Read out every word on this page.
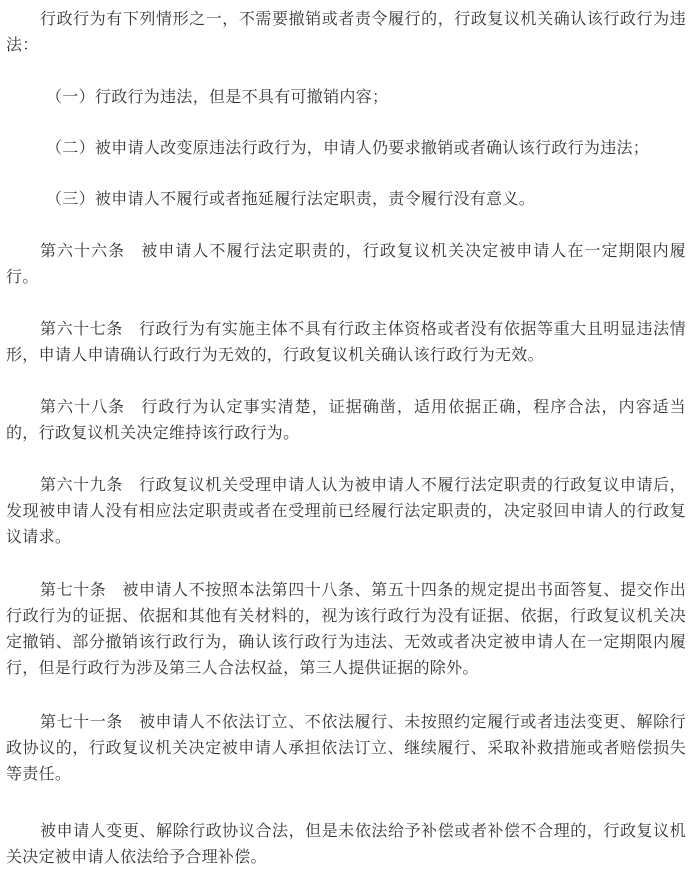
行政行为有下列情形之一，不需要撤销或者责令履行的，行政复议机关确认该行政行为违法：

（一）行政行为违法，但是不具有可撤销内容；

（二）被申请人改变原违法行政行为，申请人仍要求撤销或者确认该行政行为违法；

（三）被申请人不履行或者拖延履行法定职责，责令履行没有意义。

第六十六条 被申请人不履行法定职责的，行政复议机关决定被申请人在一定期限内履行。

第六十七条 行政行为有实施主体不具有行政主体资格或者没有依据等重大且明显违法情形，申请人申请确认行政行为无效的，行政复议机关确认该行政行为无效。

第六十八条 行政行为认定事实清楚，证据确凿，适用依据正确，程序合法，内容适当的，行政复议机关决定维持该行政行为。

第六十九条 行政复议机关受理申请人认为被申请人不履行法定职责的行政复议申请后，发现被申请人没有相应法定职责或者在受理前已经履行法定职责的，决定驳回申请人的行政复议请求。

第七十条 被申请人不按照本法第四十八条、第五十四条的规定提出书面答复、提交作出行政行为的证据、依据和其他有关材料的，视为该行政行为没有证据、依据，行政复议机关决定撤销、部分撤销该行政行为，确认该行政行为违法、无效或者决定被申请人在一定期限内履行，但是行政行为涉及第三人合法权益，第三人提供证据的除外。

第七十一条 被申请人不依法订立、不依法履行、未按照约定履行或者违法变更、解除行政协议的，行政复议机关决定被申请人承担依法订立、继续履行、采取补救措施或者赔偿损失等责任。

被申请人变更、解除行政协议合法，但是未依法给予补偿或者补偿不合理的，行政复议机关决定被申请人依法给予合理补偿。
